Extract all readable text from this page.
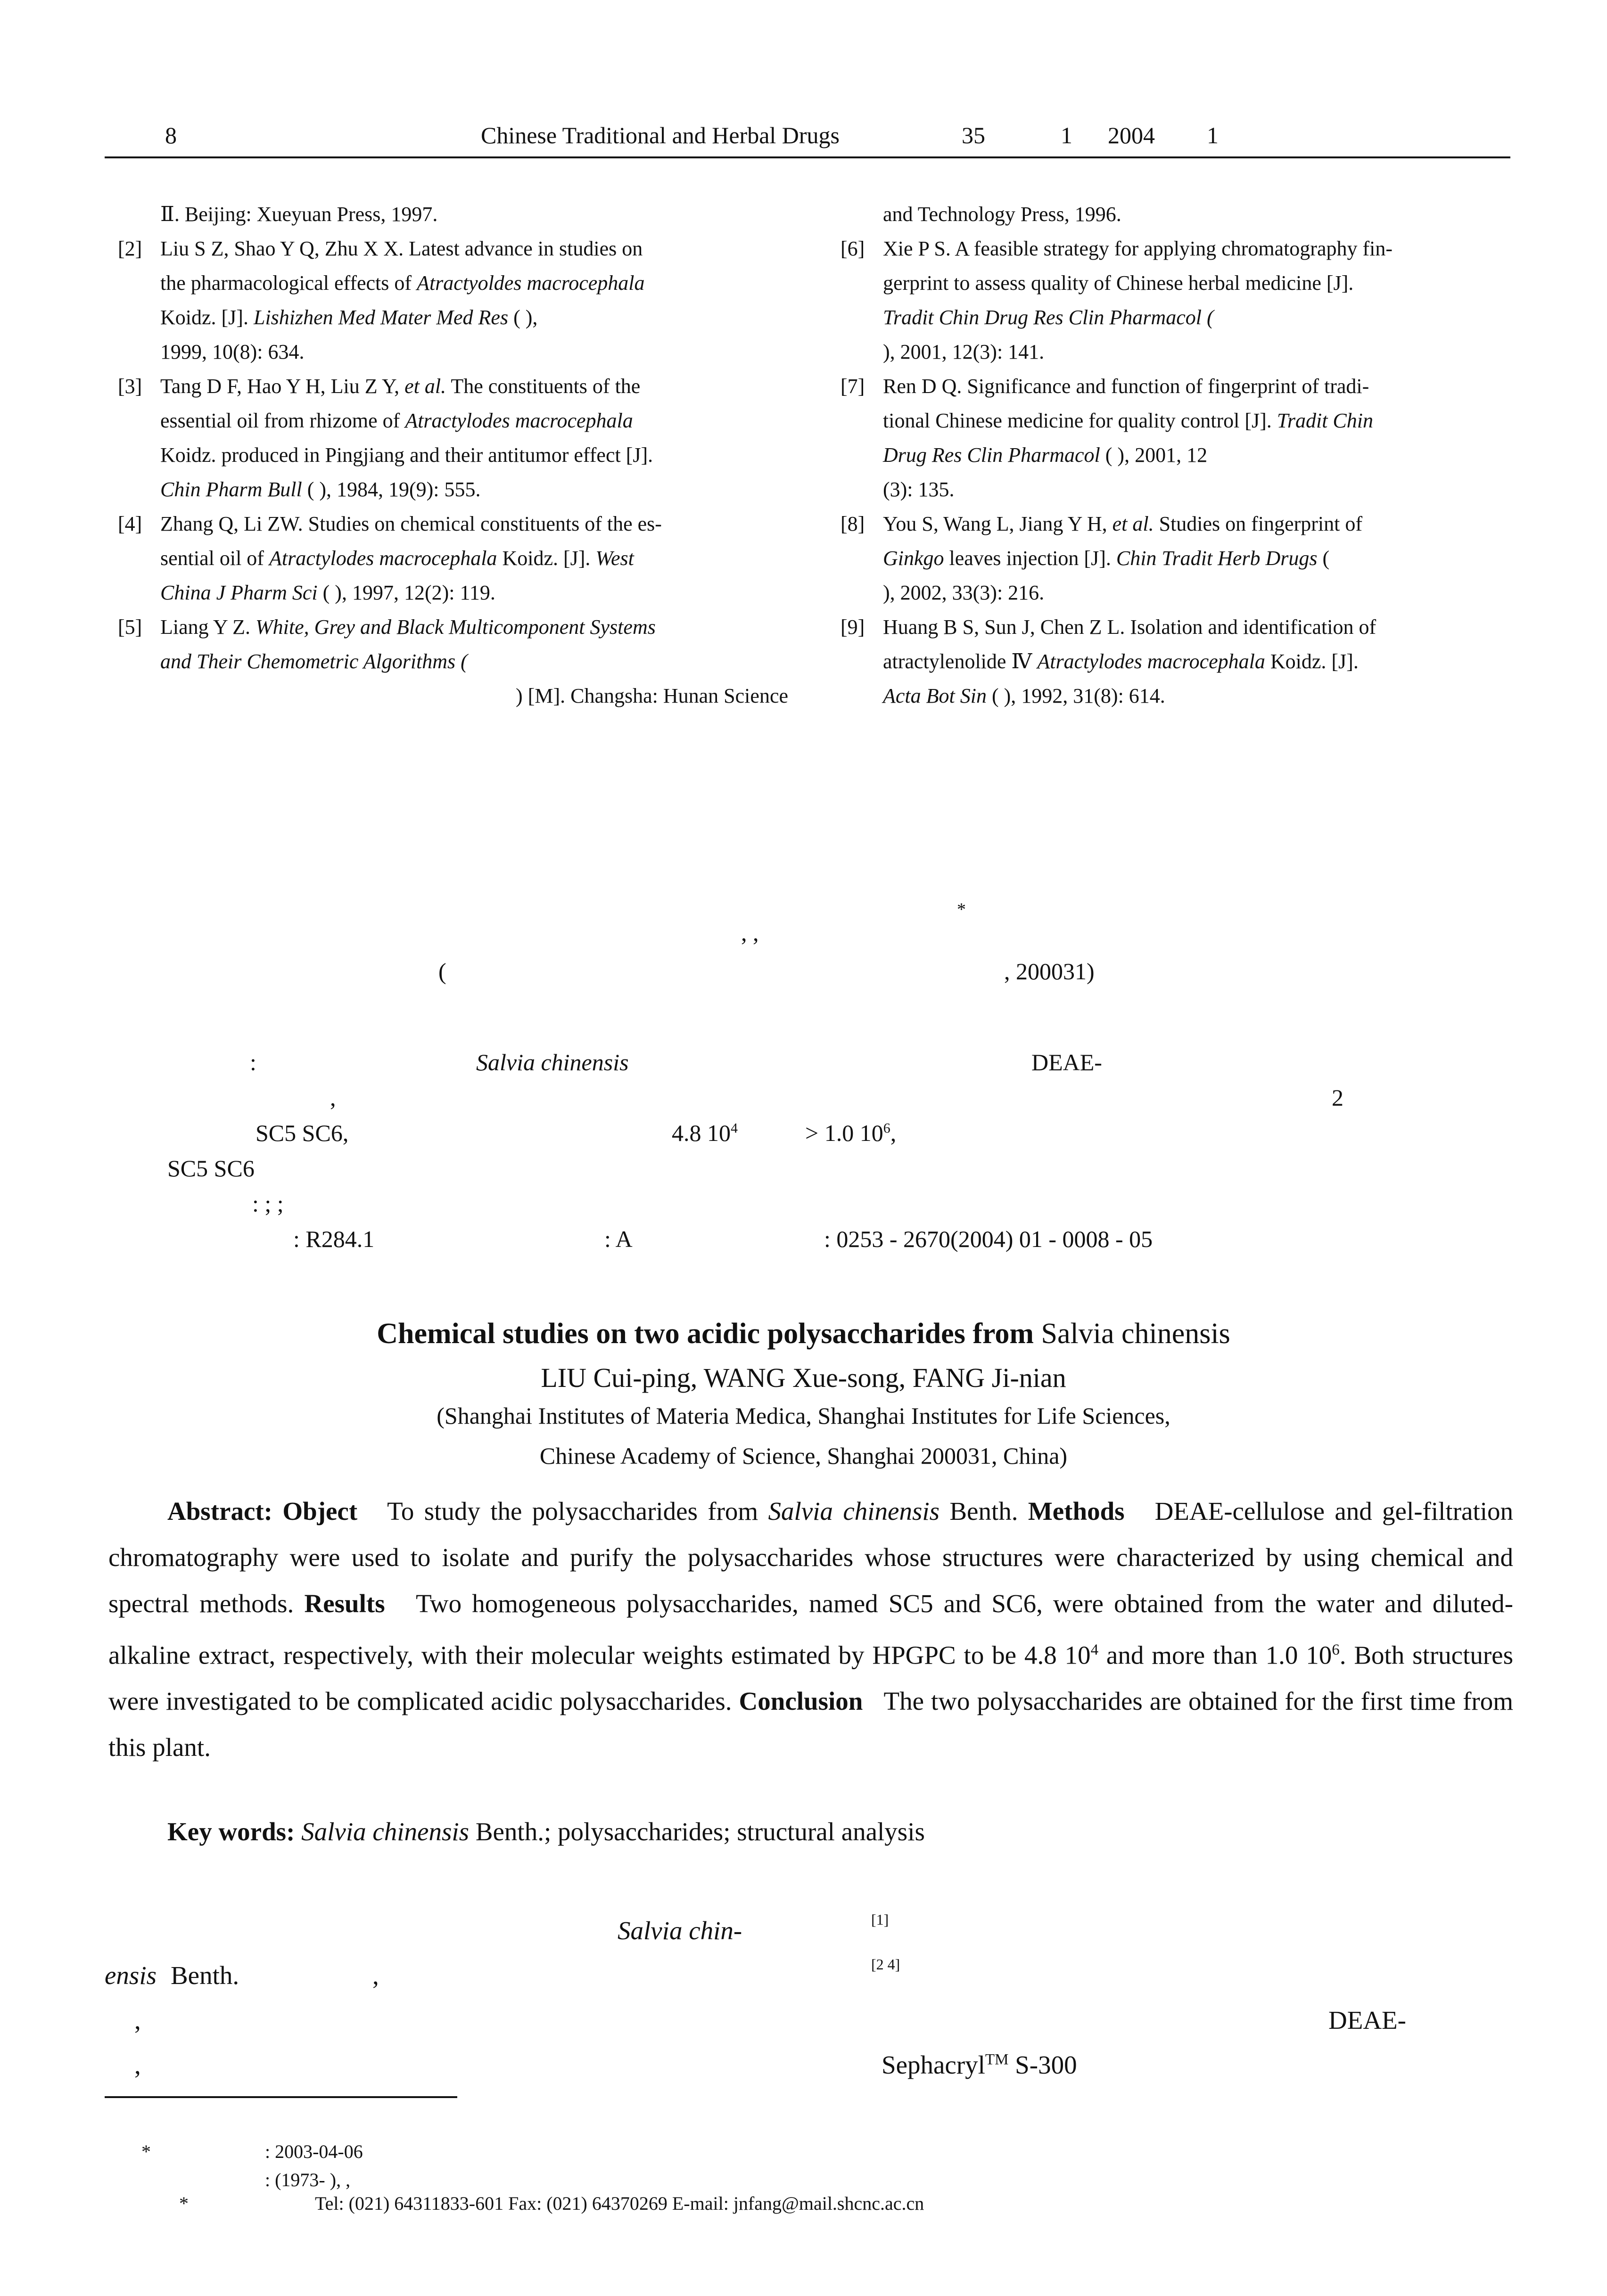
8	Chinese Traditional and Herbal Drugs	35	1 2004 1
Ⅱ. Beijing: Xueyuan Press, 1997.
[2] Liu S Z, Shao Y Q, Zhu X X. Latest advance in studies on
the pharmacological effects of Atractyoldes macrocephala
Koidz. [J]. Lishizhen Med Mater Med Res ( ),
1999, 10(8): 634.
[3] Tang D F, Hao Y H, Liu Z Y, et al. The constituents of the
essential oil from rhizome of Atractylodes macrocephala
Koidz. produced in Pingjiang and their antitumor effect [J].
Chin Pharm Bull ( ), 1984, 19(9): 555.
[4] Zhang Q, Li ZW. Studies on chemical constituents of the es-
sential oil of Atractylodes macrocephala Koidz. [J]. West
China J Pharm Sci ( ), 1997, 12(2): 119.
[5] Liang Y Z. White, Grey and Black Multicomponent Systems
and Their Chemometric Algorithms (
) [M]. Changsha: Hunan Science
and Technology Press, 1996.
[6] Xie P S. A feasible strategy for applying chromatography fin-
gerprint to assess quality of Chinese herbal medicine [J].
Tradit Chin Drug Res Clin Pharmacol (
), 2001, 12(3): 141.
[7] Ren D Q. Significance and function of fingerprint of tradi-
tional Chinese medicine for quality control [J]. Tradit Chin
Drug Res Clin Pharmacol ( ), 2001, 12
(3): 135.
[8] You S, Wang L, Jiang Y H, et al. Studies on fingerprint of
Ginkgo leaves injection [J]. Chin Tradit Herb Drugs (
), 2002, 33(3): 216.
[9] Huang B S, Sun J, Chen Z L. Isolation and identification of
atractylenolide Ⅳ Atractylodes macrocephala Koidz. [J].
Acta Bot Sin ( ), 1992, 31(8): 614.
*
, ,
(	, 200031)
:	Salvia chinensis	DEAE-
,	2
SC5 SC6,	4.8 $10^4$	> 1.0 $10^6$,
SC5 SC6
: ; ;
: R284.1	: A	: 0253 - 2670(2004) 01 - 0008 - 05
Chemical studies on two acidic polysaccharides from Salvia chinensis
LIU Cui-ping, WANG Xue-song, FANG Ji-nian
(Shanghai Institutes of Materia Medica, Shanghai Institutes for Life Sciences,
Chinese Academy of Science, Shanghai 200031, China)
Abstract: Object To study the polysaccharides from Salvia chinensis Benth. Methods DEAE-cellulose and gel-filtration chromatography were used to isolate and purify the polysaccharides whose structures were characterized by using chemical and spectral methods. Results Two homogeneous polysaccharides, named SC5 and SC6, were obtained from the water and diluted-alkaline extract, respectively, with their molecular weights estimated by HPGPC to be 4.8 $10^4$ and more than 1.0 $10^6$. Both structures were investigated to be complicated acidic polysaccharides. Conclusion The two polysaccharides are obtained for the first time from this plant.
Key words: Salvia chinensis Benth.; polysaccharides; structural analysis
Salvia chin-	[1]
ensis Benth.	,	[2 4]
,	DEAE-
,	Sephacryl™ S-300
*	: 2003-04-06
: (1973- ), ,
*	Tel: (021) 64311833-601 Fax: (021) 64370269 E-mail: jnfang@mail.shcnc.ac.cn
